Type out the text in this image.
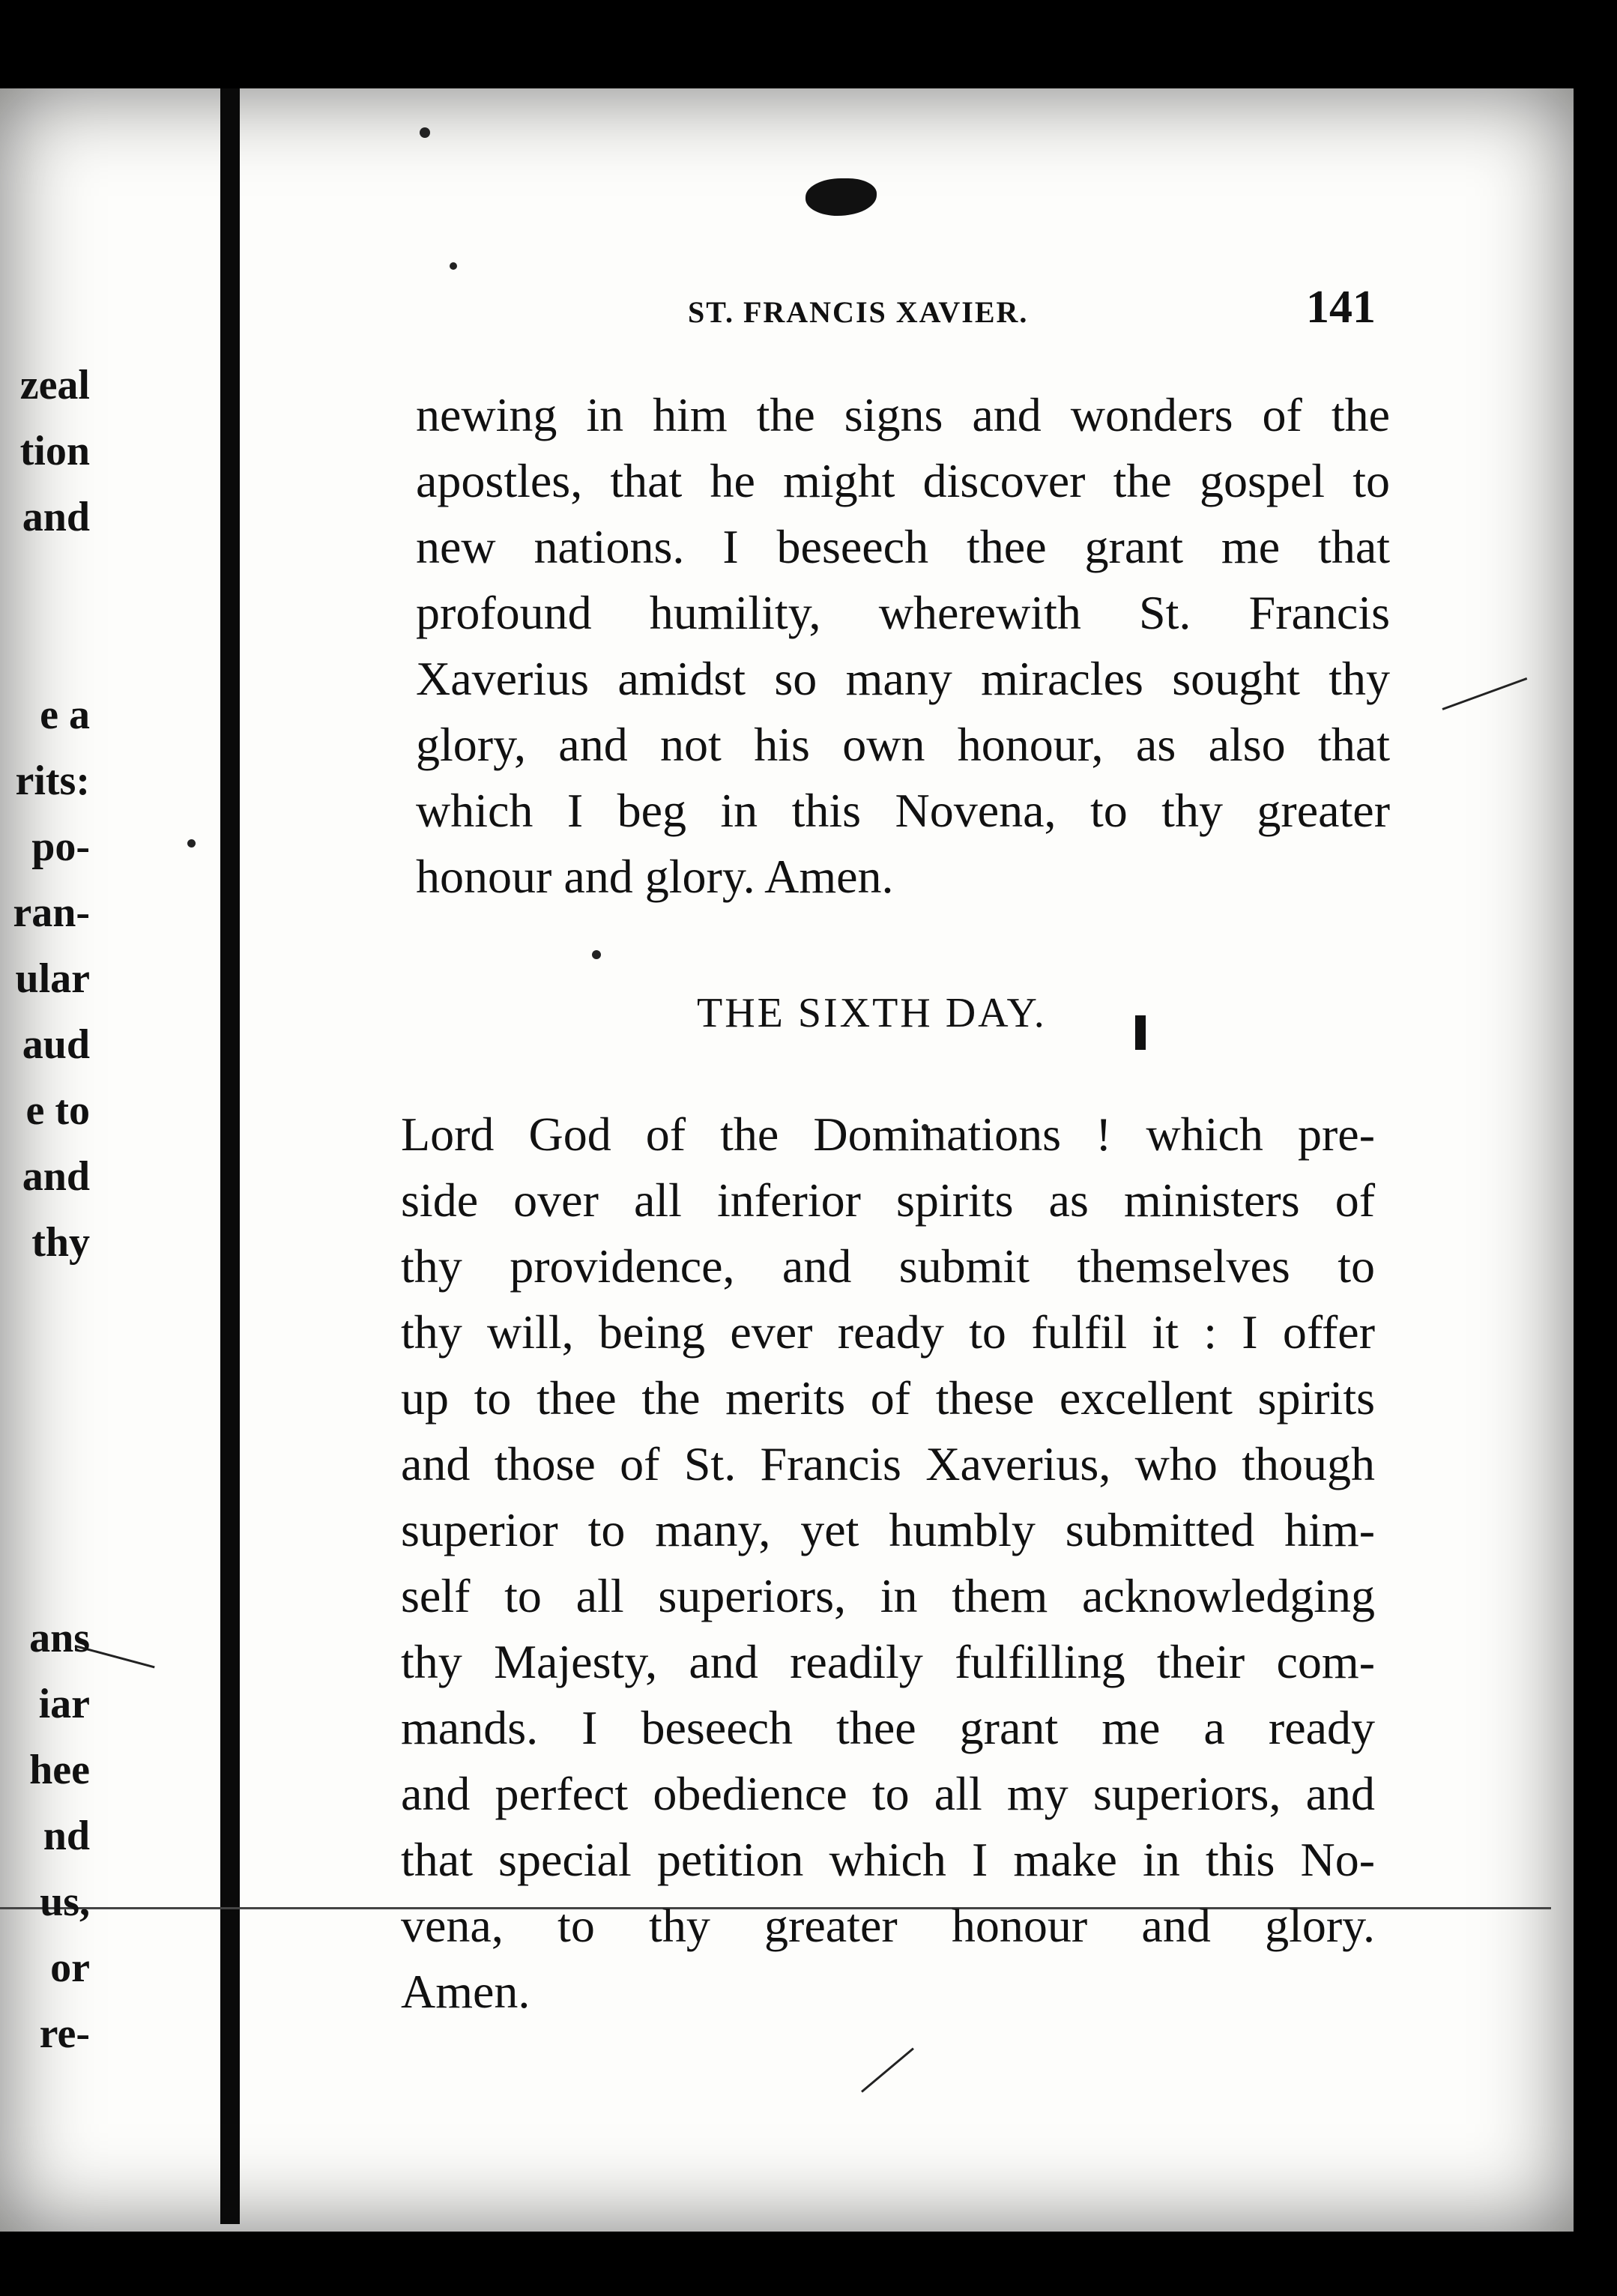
zeal
tion
and
e a
rits:
po-
ran-
ular
aud
e to
and
thy
ans
iar
hee
nd
us,
or
re-
ST. FRANCIS XAVIER.	141
newing in him the signs and wonders of the
apostles, that he might discover the gospel to
new nations. I beseech thee grant me that
profound humility, wherewith St. Francis
Xaverius amidst so many miracles sought thy
glory, and not his own honour, as also that
which I beg in this Novena, to thy greater
honour and glory. Amen.
THE SIXTH DAY.
Lord God of the Dominations ! which pre-
side over all inferior spirits as ministers of
thy providence, and submit themselves to
thy will, being ever ready to fulfil it : I offer
up to thee the merits of these excellent spirits
and those of St. Francis Xaverius, who though
superior to many, yet humbly submitted him-
self to all superiors, in them acknowledging
thy Majesty, and readily fulfilling their com-
mands. I beseech thee grant me a ready
and perfect obedience to all my superiors, and
that special petition which I make in this No-
vena, to thy greater honour and glory.
Amen.
